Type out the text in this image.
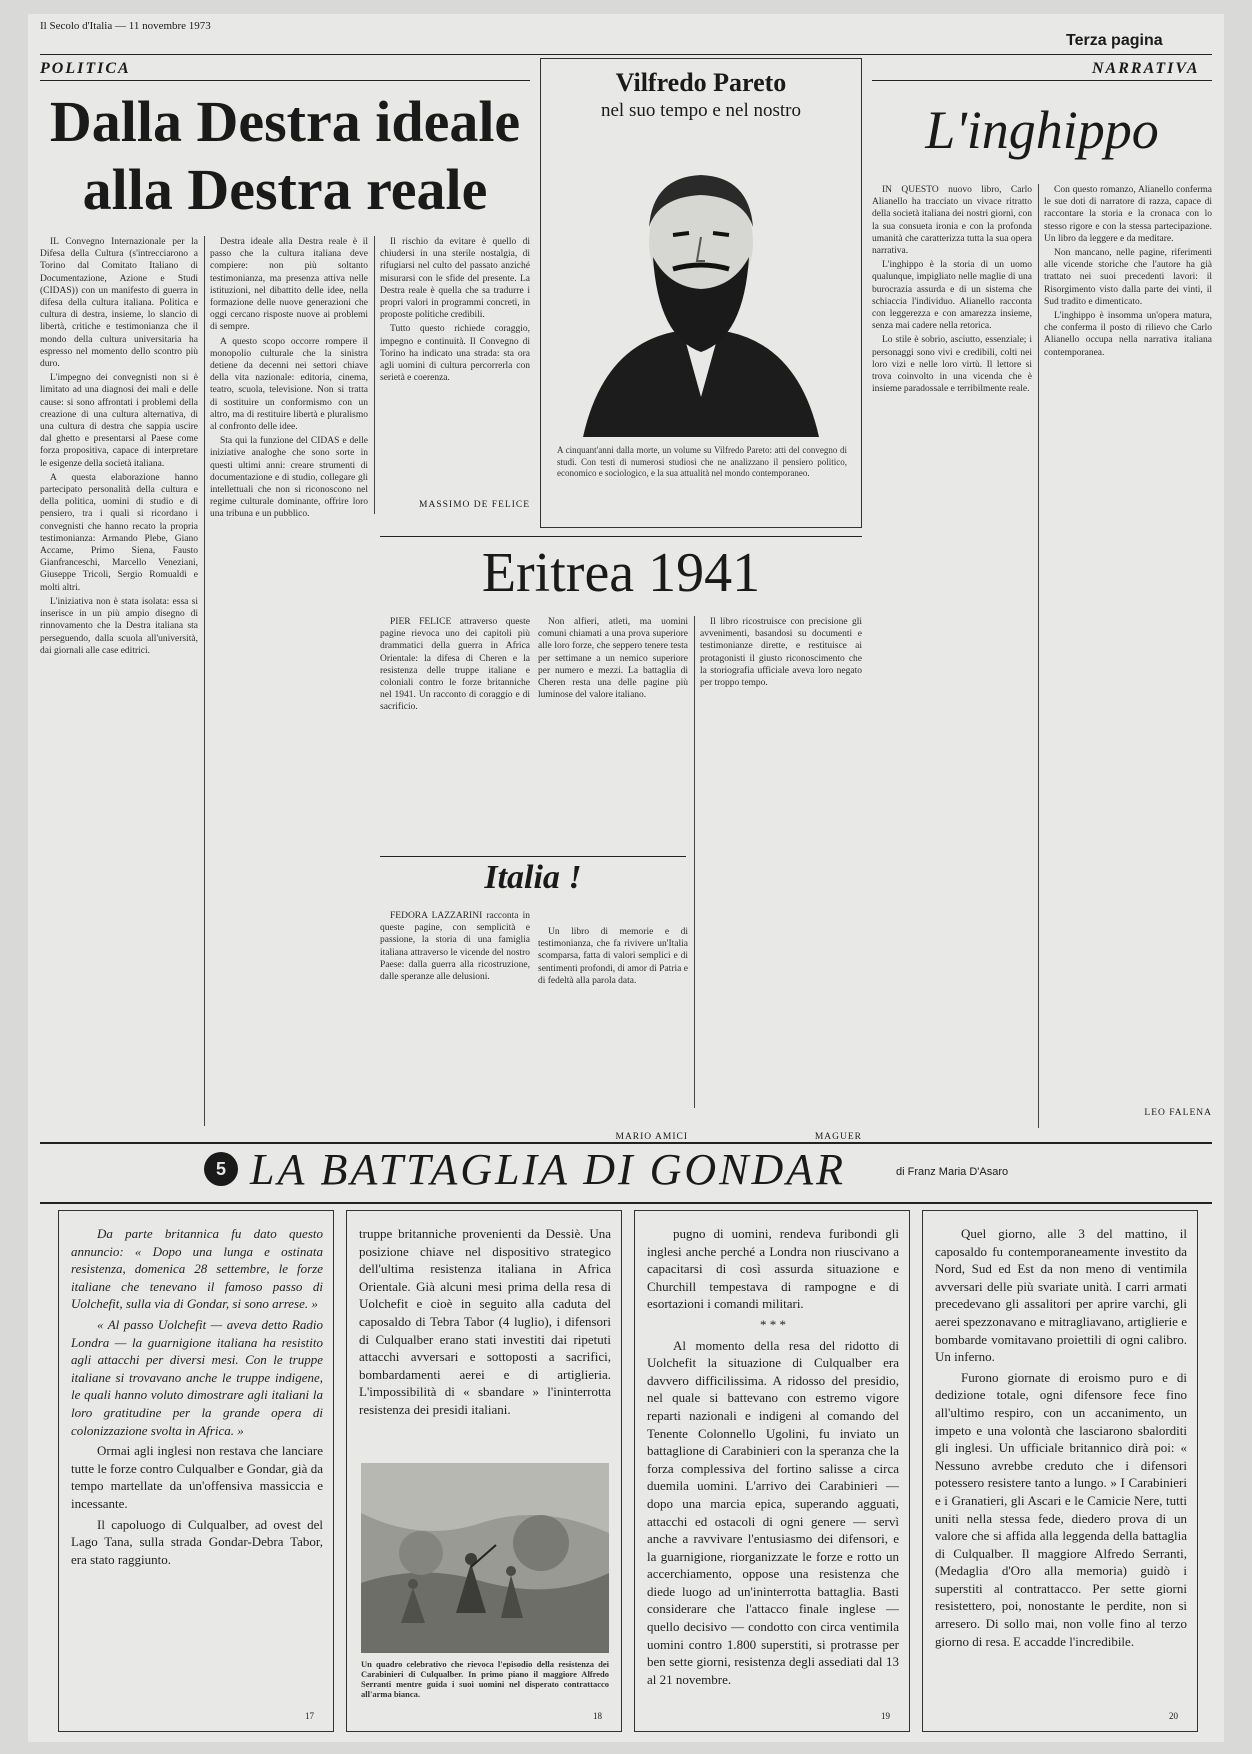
Il Secolo d'Italia — 11 novembre 1973
Terza pagina
POLITICA
Dalla Destra ideale
alla Destra reale

IL Convegno Internazionale per la Difesa della Cultura (s'intrecciarono a Torino dal Comitato Italiano di Documentazione, Azione e Studi (CIDAS)) con un manifesto di guerra in difesa della cultura italiana. Politica e cultura di destra, insieme, lo slancio di libertà, critiche e testimonianza che il mondo della cultura universitaria ha espresso nel momento dello scontro più duro.

L'impegno dei convegnisti non si è limitato ad una diagnosi dei mali e delle cause: si sono affrontati i problemi della creazione di una cultura alternativa, di una cultura di destra che sappia uscire dal ghetto e presentarsi al Paese come forza propositiva, capace di interpretare le esigenze della società italiana.

A questa elaborazione hanno partecipato personalità della cultura e della politica, uomini di studio e di pensiero, tra i quali si ricordano i convegnisti che hanno recato la propria testimonianza: Armando Plebe, Giano Accame, Primo Siena, Fausto Gianfranceschi, Marcello Veneziani, Giuseppe Tricoli, Sergio Romualdi e molti altri.

L'iniziativa non è stata isolata: essa si inserisce in un più ampio disegno di rinnovamento che la Destra italiana sta perseguendo, dalla scuola all'università, dai giornali alle case editrici.

Destra ideale alla Destra reale è il passo che la cultura italiana deve compiere: non più soltanto testimonianza, ma presenza attiva nelle istituzioni, nel dibattito delle idee, nella formazione delle nuove generazioni che oggi cercano risposte nuove ai problemi di sempre.

A questo scopo occorre rompere il monopolio culturale che la sinistra detiene da decenni nei settori chiave della vita nazionale: editoria, cinema, teatro, scuola, televisione. Non si tratta di sostituire un conformismo con un altro, ma di restituire libertà e pluralismo al confronto delle idee.

Sta qui la funzione del CIDAS e delle iniziative analoghe che sono sorte in questi ultimi anni: creare strumenti di documentazione e di studio, collegare gli intellettuali che non si riconoscono nel regime culturale dominante, offrire loro una tribuna e un pubblico.

Il rischio da evitare è quello di chiudersi in una sterile nostalgia, di rifugiarsi nel culto del passato anziché misurarsi con le sfide del presente. La Destra reale è quella che sa tradurre i propri valori in programmi concreti, in proposte politiche credibili.

Tutto questo richiede coraggio, impegno e continuità. Il Convegno di Torino ha indicato una strada: sta ora agli uomini di cultura percorrerla con serietà e coerenza.

MASSIMO DE FELICE
Vilfredo Pareto
nel suo tempo e nel nostro
A cinquant'anni dalla morte, un volume su Vilfredo Pareto: atti del convegno di studi. Con testi di numerosi studiosi che ne analizzano il pensiero politico, economico e sociologico, e la sua attualità nel mondo contemporaneo.
Eritrea 1941

PIER FELICE attraverso queste pagine rievoca uno dei capitoli più drammatici della guerra in Africa Orientale: la difesa di Cheren e la resistenza delle truppe italiane e coloniali contro le forze britanniche nel 1941. Un racconto di coraggio e di sacrificio.

Non alfieri, atleti, ma uomini comuni chiamati a una prova superiore alle loro forze, che seppero tenere testa per settimane a un nemico superiore per numero e mezzi. La battaglia di Cheren resta una delle pagine più luminose del valore italiano.

Il libro ricostruisce con precisione gli avvenimenti, basandosi su documenti e testimonianze dirette, e restituisce ai protagonisti il giusto riconoscimento che la storiografia ufficiale aveva loro negato per troppo tempo.

MAGUER
Italia !

FEDORA LAZZARINI racconta in queste pagine, con semplicità e passione, la storia di una famiglia italiana attraverso le vicende del nostro Paese: dalla guerra alla ricostruzione, dalle speranze alle delusioni.

Un libro di memorie e di testimonianza, che fa rivivere un'Italia scomparsa, fatta di valori semplici e di sentimenti profondi, di amor di Patria e di fedeltà alla parola data.

MARIO AMICI
NARRATIVA
L'inghippo

IN QUESTO nuovo libro, Carlo Alianello ha tracciato un vivace ritratto della società italiana dei nostri giorni, con la sua consueta ironia e con la profonda umanità che caratterizza tutta la sua opera narrativa.

L'inghippo è la storia di un uomo qualunque, impigliato nelle maglie di una burocrazia assurda e di un sistema che schiaccia l'individuo. Alianello racconta con leggerezza e con amarezza insieme, senza mai cadere nella retorica.

Lo stile è sobrio, asciutto, essenziale; i personaggi sono vivi e credibili, colti nei loro vizi e nelle loro virtù. Il lettore si trova coinvolto in una vicenda che è insieme paradossale e terribilmente reale.

Con questo romanzo, Alianello conferma le sue doti di narratore di razza, capace di raccontare la storia e la cronaca con lo stesso rigore e con la stessa partecipazione. Un libro da leggere e da meditare.

Non mancano, nelle pagine, riferimenti alle vicende storiche che l'autore ha già trattato nei suoi precedenti lavori: il Risorgimento visto dalla parte dei vinti, il Sud tradito e dimenticato.

L'inghippo è insomma un'opera matura, che conferma il posto di rilievo che Carlo Alianello occupa nella narrativa italiana contemporanea.

LEO FALENA
5 LA BATTAGLIA DI GONDAR	di Franz Maria D'Asaro

Da parte britannica fu dato questo annuncio: « Dopo una lunga e ostinata resistenza, domenica 28 settembre, le forze italiane che tenevano il famoso passo di Uolchefit, sulla via di Gondar, si sono arrese. »

« Al passo Uolchefit — aveva detto Radio Londra — la guarnigione italiana ha resistito agli attacchi per diversi mesi. Con le truppe italiane si trovavano anche le truppe indigene, le quali hanno voluto dimostrare agli italiani la loro gratitudine per la grande opera di colonizzazione svolta in Africa. »

Ormai agli inglesi non restava che lanciare tutte le forze contro Culqualber e Gondar, già da tempo martellate da un'offensiva massiccia e incessante.

Il capoluogo di Culqualber, ad ovest del Lago Tana, sulla strada Gondar-Debra Tabor, era stato raggiunto.

17
truppe britanniche provenienti da Dessiè. Una posizione chiave nel dispositivo strategico dell'ultima resistenza italiana in Africa Orientale. Già alcuni mesi prima della resa di Uolchefit e cioè in seguito alla caduta del caposaldo di Tebra Tabor (4 luglio), i difensori di Culqualber erano stati investiti dai ripetuti attacchi avversari e sottoposti a sacrifici, bombardamenti aerei e di artiglieria. L'impossibilità di « sbandare » l'ininterrotta resistenza dei presidi italiani.
Un quadro celebrativo che rievoca l'episodio della resistenza dei Carabinieri di Culqualber. In primo piano il maggiore Alfredo Serranti mentre guida i suoi uomini nel disperato contrattacco all'arma bianca.
18

pugno di uomini, rendeva furibondi gli inglesi anche perché a Londra non riuscivano a capacitarsi di così assurda situazione e Churchill tempestava di rampogne e di esortazioni i comandi militari.

* * *

Al momento della resa del ridotto di Uolchefit la situazione di Culqualber era davvero difficilissima. A ridosso del presidio, nel quale si battevano con estremo vigore reparti nazionali e indigeni al comando del Tenente Colonnello Ugolini, fu inviato un battaglione di Carabinieri con la speranza che la forza complessiva del fortino salisse a circa duemila uomini. L'arrivo dei Carabinieri — dopo una marcia epica, superando agguati, attacchi ed ostacoli di ogni genere — servì anche a ravvivare l'entusiasmo dei difensori, e la guarnigione, riorganizzate le forze e rotto un accerchiamento, oppose una resistenza che diede luogo ad un'ininterrotta battaglia. Basti considerare che l'attacco finale inglese — quello decisivo — condotto con circa ventimila uomini contro 1.800 superstiti, si protrasse per ben sette giorni, resistenza degli assediati dal 13 al 21 novembre.

19

Quel giorno, alle 3 del mattino, il caposaldo fu contemporaneamente investito da Nord, Sud ed Est da non meno di ventimila avversari delle più svariate unità. I carri armati precedevano gli assalitori per aprire varchi, gli aerei spezzonavano e mitragliavano, artiglierie e bombarde vomitavano proiettili di ogni calibro. Un inferno.

Furono giornate di eroismo puro e di dedizione totale, ogni difensore fece fino all'ultimo respiro, con un accanimento, un impeto e una volontà che lasciarono sbalorditi gli inglesi. Un ufficiale britannico dirà poi: « Nessuno avrebbe creduto che i difensori potessero resistere tanto a lungo. » I Carabinieri e i Granatieri, gli Ascari e le Camicie Nere, tutti uniti nella stessa fede, diedero prova di un valore che si affida alla leggenda della battaglia di Culqualber. Il maggiore Alfredo Serranti, (Medaglia d'Oro alla memoria) guidò i superstiti al contrattacco. Per sette giorni resistettero, poi, nonostante le perdite, non si arresero. Di sollo mai, non volle fino al terzo giorno di resa. E accadde l'incredibile.

20
